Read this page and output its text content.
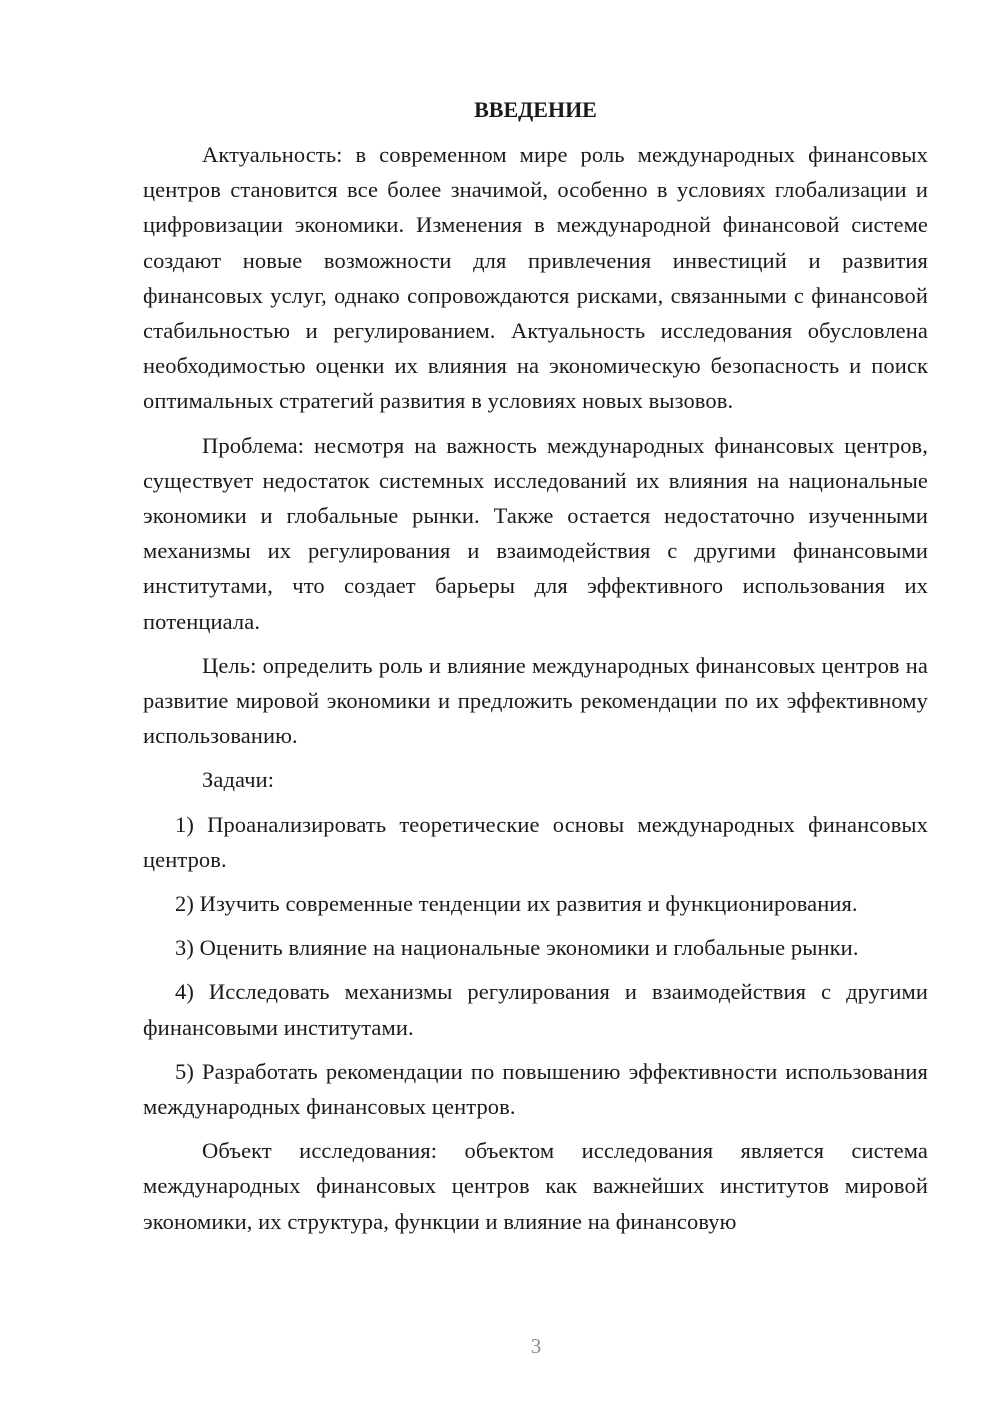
ВВЕДЕНИЕ

Актуальность: в современном мире роль международных финансовых центров становится все более значимой, особенно в условиях глобализации и цифровизации экономики. Изменения в международной финансовой системе создают новые возможности для привлечения инвестиций и развития финансовых услуг, однако сопровождаются рисками, связанными с финансовой стабильностью и регулированием. Актуальность исследования обусловлена необходимостью оценки их влияния на экономическую безопасность и поиск оптимальных стратегий развития в условиях новых вызовов.

Проблема: несмотря на важность международных финансовых центров, существует недостаток системных исследований их влияния на национальные экономики и глобальные рынки. Также остается недостаточно изученными механизмы их регулирования и взаимодействия с другими финансовыми институтами, что создает барьеры для эффективного использования их потенциала.

Цель: определить роль и влияние международных финансовых центров на развитие мировой экономики и предложить рекомендации по их эффективному использованию.

Задачи:

1) Проанализировать теоретические основы международных финансовых центров.

2) Изучить современные тенденции их развития и функционирования.

3) Оценить влияние на национальные экономики и глобальные рынки.

4) Исследовать механизмы регулирования и взаимодействия с другими финансовыми институтами.

5) Разработать рекомендации по повышению эффективности использования международных финансовых центров.

Объект исследования: объектом исследования является система международных финансовых центров как важнейших институтов мировой экономики, их структура, функции и влияние на финансовую

3
